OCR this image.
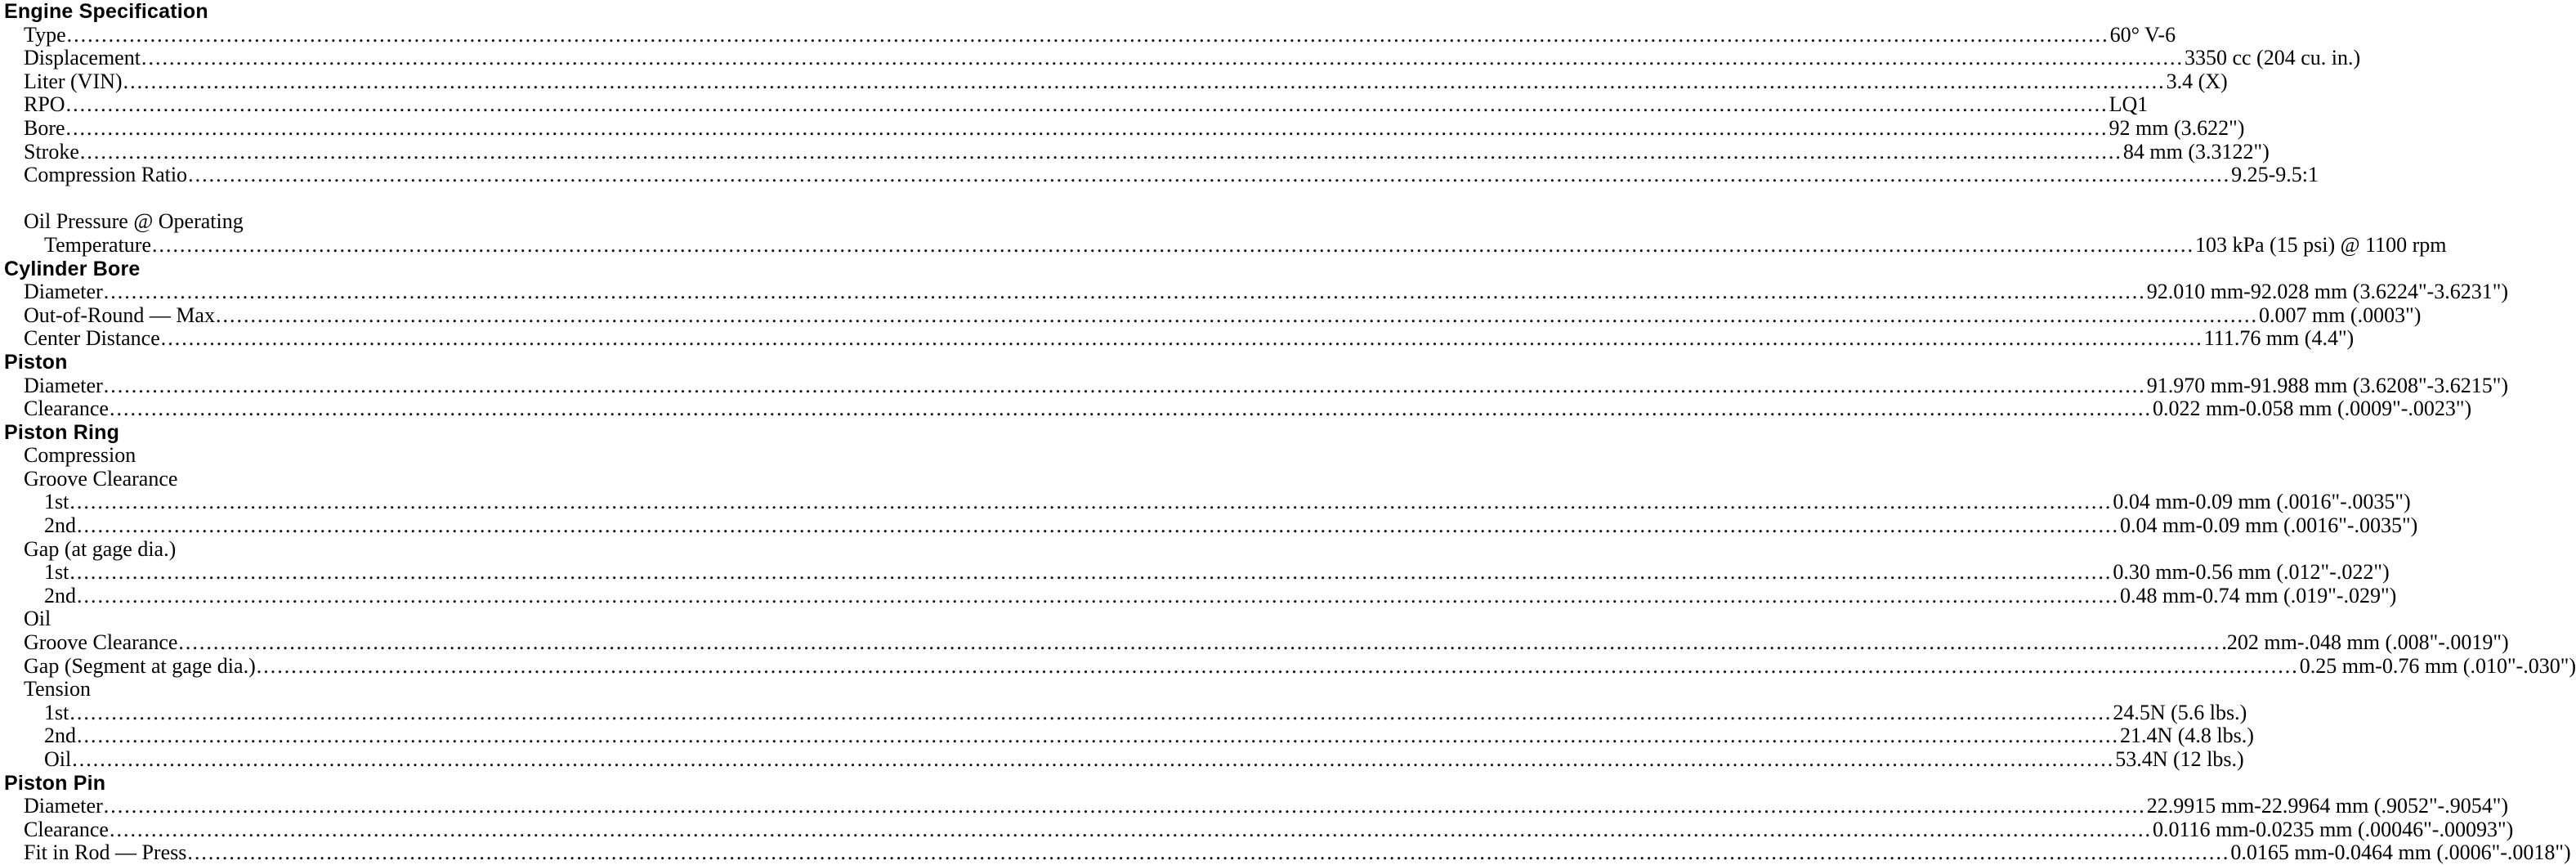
Engine Specification
Type .....	60° V-6
Displacement .....	3350 cc (204 cu. in.)
Liter (VIN) .....	3.4 (X)
RPO .....	LQ1
Bore .....	92 mm (3.622")
Stroke .....	84 mm (3.3122")
Compression Ratio .....	9.25-9.5:1
Oil Pressure @ Operating
Temperature .....	103 kPa (15 psi) @ 1100 rpm
Cylinder Bore
Diameter .....	92.010 mm-92.028 mm (3.6224"-3.6231")
Out-of-Round — Max .....	0.007 mm (.0003")
Center Distance .....	111.76 mm (4.4")
Piston
Diameter .....	91.970 mm-91.988 mm (3.6208"-3.6215")
Clearance .....	0.022 mm-0.058 mm (.0009"-.0023")
Piston Ring
Compression
Groove Clearance
1st .....	0.04 mm-0.09 mm (.0016"-.0035")
2nd .....	0.04 mm-0.09 mm (.0016"-.0035")
Gap (at gage dia.)
1st .....	0.30 mm-0.56 mm (.012"-.022")
2nd .....	0.48 mm-0.74 mm (.019"-.029")
Oil
Groove Clearance .....	.202 mm-.048 mm (.008"-.0019")
Gap (Segment at gage dia.) .....	0.25 mm-0.76 mm (.010"-.030")
Tension
1st .....	24.5N (5.6 lbs.)
2nd .....	21.4N (4.8 lbs.)
Oil .....	53.4N (12 lbs.)
Piston Pin
Diameter .....	22.9915 mm-22.9964 mm (.9052"-.9054")
Clearance .....	0.0116 mm-0.0235 mm (.00046"-.00093")
Fit in Rod — Press .....	0.0165 mm-0.0464 mm (.0006"-.0018")
